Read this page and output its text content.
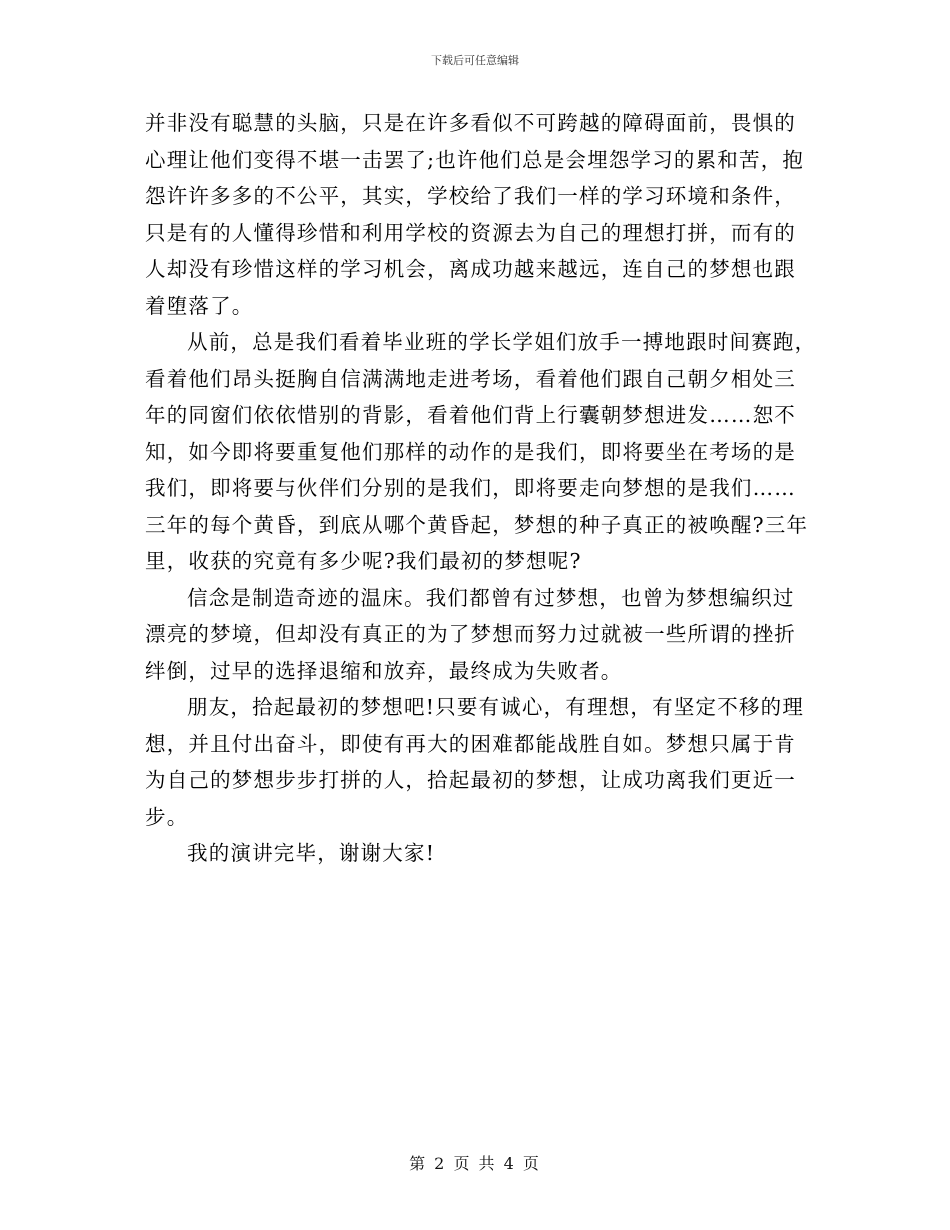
下载后可任意编辑
并非没有聪慧的头脑，只是在许多看似不可跨越的障碍面前，畏惧的
心理让他们变得不堪一击罢了;也许他们总是会埋怨学习的累和苦，抱
怨许许多多的不公平，其实，学校给了我们一样的学习环境和条件，
只是有的人懂得珍惜和利用学校的资源去为自己的理想打拼，而有的
人却没有珍惜这样的学习机会，离成功越来越远，连自己的梦想也跟
着堕落了。
从前，总是我们看着毕业班的学长学姐们放手一搏地跟时间赛跑，
看着他们昂头挺胸自信满满地走进考场，看着他们跟自己朝夕相处三
年的同窗们依依惜别的背影，看着他们背上行囊朝梦想进发……恕不
知，如今即将要重复他们那样的动作的是我们，即将要坐在考场的是
我们，即将要与伙伴们分别的是我们，即将要走向梦想的是我们……
三年的每个黄昏，到底从哪个黄昏起，梦想的种子真正的被唤醒?三年
里，收获的究竟有多少呢?我们最初的梦想呢?
信念是制造奇迹的温床。我们都曾有过梦想，也曾为梦想编织过
漂亮的梦境，但却没有真正的为了梦想而努力过就被一些所谓的挫折
绊倒，过早的选择退缩和放弃，最终成为失败者。
朋友，拾起最初的梦想吧!只要有诚心，有理想，有坚定不移的理
想，并且付出奋斗，即使有再大的困难都能战胜自如。梦想只属于肯
为自己的梦想步步打拼的人，拾起最初的梦想，让成功离我们更近一
步。
我的演讲完毕，谢谢大家!
第 2 页 共 4 页
